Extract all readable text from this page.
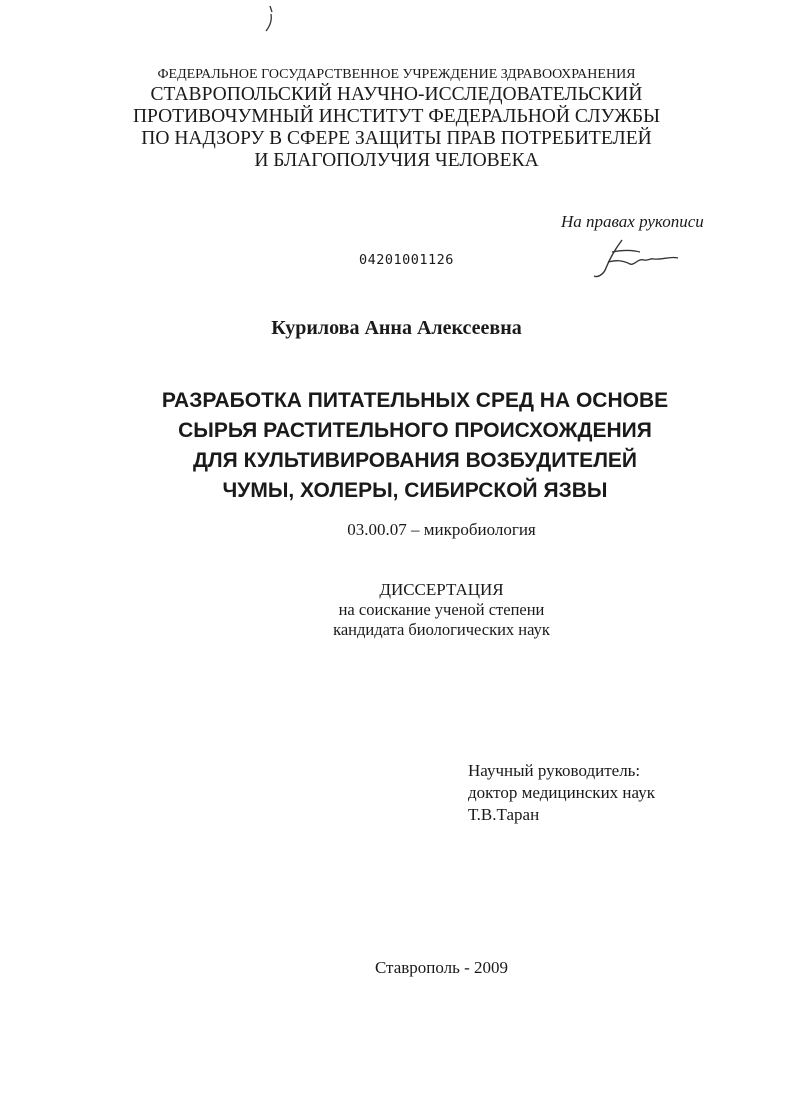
ФЕДЕРАЛЬНОЕ ГОСУДАРСТВЕННОЕ УЧРЕЖДЕНИЕ ЗДРАВООХРАНЕНИЯ
СТАВРОПОЛЬСКИЙ НАУЧНО-ИССЛЕДОВАТЕЛЬСКИЙ
ПРОТИВОЧУМНЫЙ ИНСТИТУТ ФЕДЕРАЛЬНОЙ СЛУЖБЫ
ПО НАДЗОРУ В СФЕРЕ ЗАЩИТЫ ПРАВ ПОТРЕБИТЕЛЕЙ
И БЛАГОПОЛУЧИЯ ЧЕЛОВЕКА
На правах рукописи
04201001126
Курилова Анна Алексеевна
РАЗРАБОТКА ПИТАТЕЛЬНЫХ СРЕД НА ОСНОВЕ
СЫРЬЯ РАСТИТЕЛЬНОГО ПРОИСХОЖДЕНИЯ
ДЛЯ КУЛЬТИВИРОВАНИЯ ВОЗБУДИТЕЛЕЙ
ЧУМЫ, ХОЛЕРЫ, СИБИРСКОЙ ЯЗВЫ
03.00.07 – микробиология
ДИССЕРТАЦИЯ
на соискание ученой степени
кандидата биологических наук
Научный руководитель:
доктор медицинских наук
Т.В.Таран
Ставрополь - 2009
